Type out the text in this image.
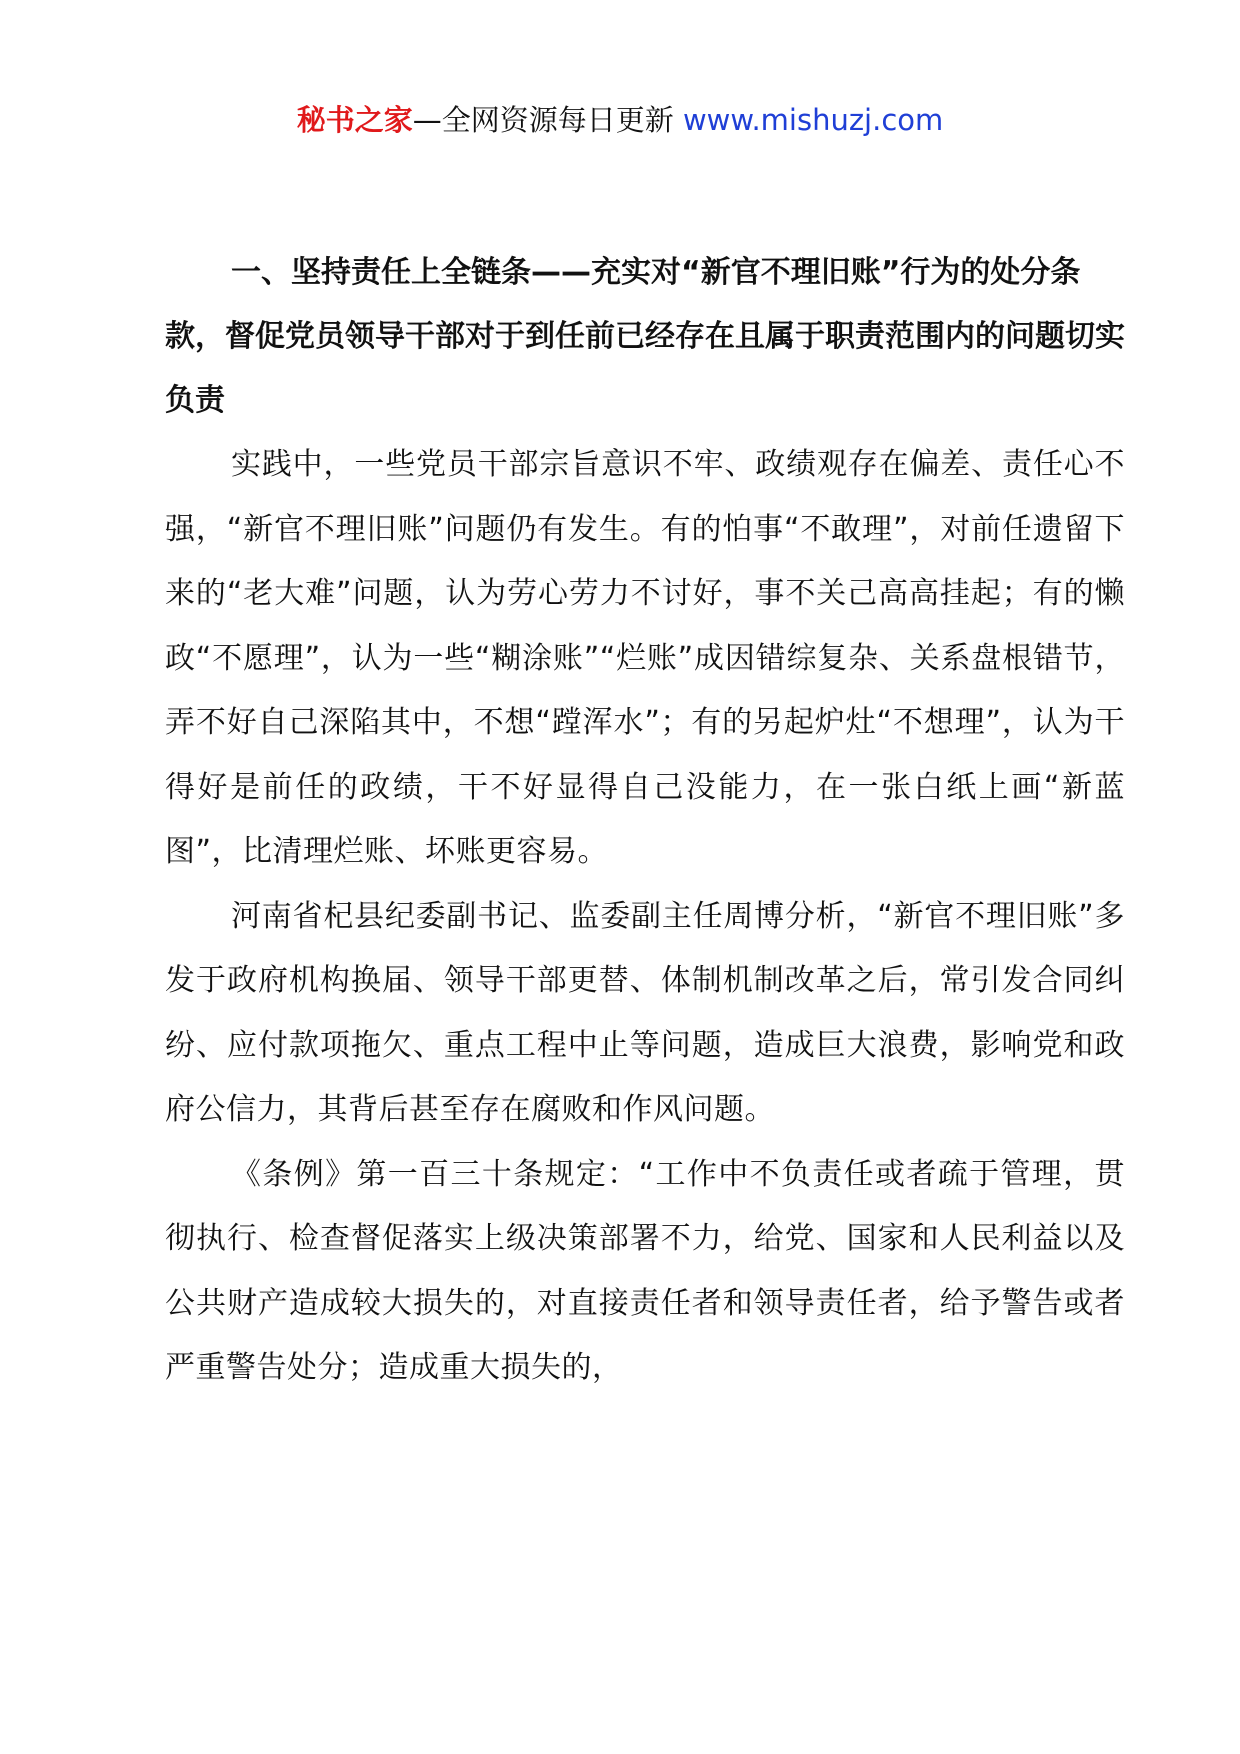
秘书之家—全网资源每日更新 www.mishuzj.com

一、坚持责任上全链条——充实对“新官不理旧账”行为的处分条款，督促党员领导干部对于到任前已经存在且属于职责范围内的问题切实负责

实践中，一些党员干部宗旨意识不牢、政绩观存在偏差、责任心不强，“新官不理旧账”问题仍有发生。有的怕事“不敢理”，对前任遗留下来的“老大难”问题，认为劳心劳力不讨好，事不关己高高挂起；有的懒政“不愿理”，认为一些“糊涂账”“烂账”成因错综复杂、关系盘根错节，弄不好自己深陷其中，不想“蹚浑水”；有的另起炉灶“不想理”，认为干得好是前任的政绩，干不好显得自己没能力，在一张白纸上画“新蓝图”，比清理烂账、坏账更容易。

河南省杞县纪委副书记、监委副主任周博分析，“新官不理旧账”多发于政府机构换届、领导干部更替、体制机制改革之后，常引发合同纠纷、应付款项拖欠、重点工程中止等问题，造成巨大浪费，影响党和政府公信力，其背后甚至存在腐败和作风问题。

《条例》第一百三十条规定：“工作中不负责任或者疏于管理，贯彻执行、检查督促落实上级决策部署不力，给党、国家和人民利益以及公共财产造成较大损失的，对直接责任者和领导责任者，给予警告或者严重警告处分；造成重大损失的，
